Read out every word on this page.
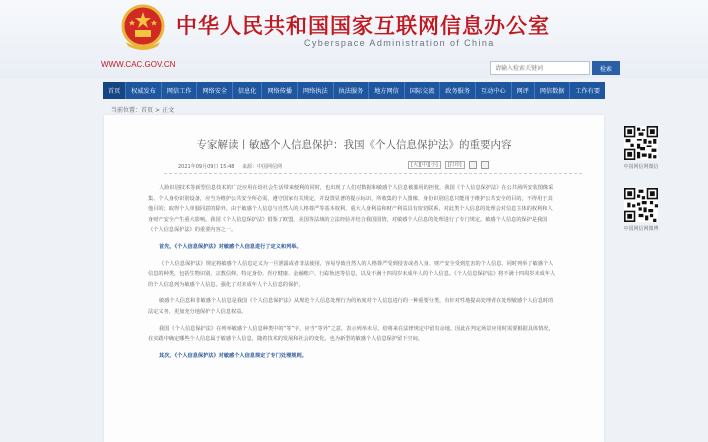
中华人民共和国国家互联网信息办公室
Cyberspace Administration of China
WWW.CAC.GOV.CN
请输入检索关键词	检索
首页	权威发布	网信工作	网络安全	信息化	网络传播	网络执法	执法服务	地方网信	国际交流	政务服务	互动中心	网评	网信数据	工作有要
当前位置：首页 > 正文
专家解读丨敏感个人信息保护：我国《个人信息保护法》的重要内容
2021年09月09日 15:48 来源：中国网信网	[大][中][小]	[打印]

人脸识别技术等新型信息技术的广泛应用在给社会生活带来便利的同时，也出现了人们对数据和敏感个人信息被滥用的担忧，我国《个人信息保护法》在公共场所安装图像采集、个人身份识别设备，应当为维护公共安全所必需，遵守国家有关规定，并设置显著的提示标识，所收集的个人图像、身份识别信息只能用于维护公共安全的目的，不得用于其他目的；取得个人单独同意的除外。由于敏感个人信息与自然人的人格尊严等基本权利、重大人身利益和财产利益具有密切联系，对此类个人信息的处理会对信息主体的权利和人身财产安全产生重大影响。我国《个人信息保护法》借鉴了欧盟、美国等法域的立法经验并结合我国国情，对敏感个人信息的处理进行了专门规定。敏感个人信息的保护是我国《个人信息保护法》的重要内容之一。

首先，《个人信息保护法》对敏感个人信息进行了定义和列举。

《个人信息保护法》规定将敏感个人信息定义为一旦泄露或者非法使用，容易导致自然人的人格尊严受到侵害或者人身、财产安全受到危害的个人信息，同时列举了敏感个人信息的种类，包括生物识别、宗教信仰、特定身份、医疗健康、金融账户、行踪轨迹等信息，以及不满十四周岁未成年人的个人信息。《个人信息保护法》将不满十四周岁未成年人的个人信息列为敏感个人信息，强化了对未成年人个人信息的保护。

敏感个人信息和非敏感个人信息是我国《个人信息保护法》从规范个人信息处理行为的角度对个人信息进行的一种重要分类，有针对性地提高处理者在处理敏感个人信息时的法定义务，更加充分地保护个人信息权益。

我国《个人信息保护法》在列举敏感个人信息种类中的“等”字，应当“等外”之意，表示列举未尽，给将来在法律规定中留有余地。因此在判定场景应用时需要根据具体情况，在实践中确定哪些个人信息属于敏感个人信息，随着技术的发展和社会的变化，也为新型的敏感个人信息保护留下空间。

其次，《个人信息保护法》对敏感个人信息规定了专门处理规则。

中国网信网微信
中国网信网微博
